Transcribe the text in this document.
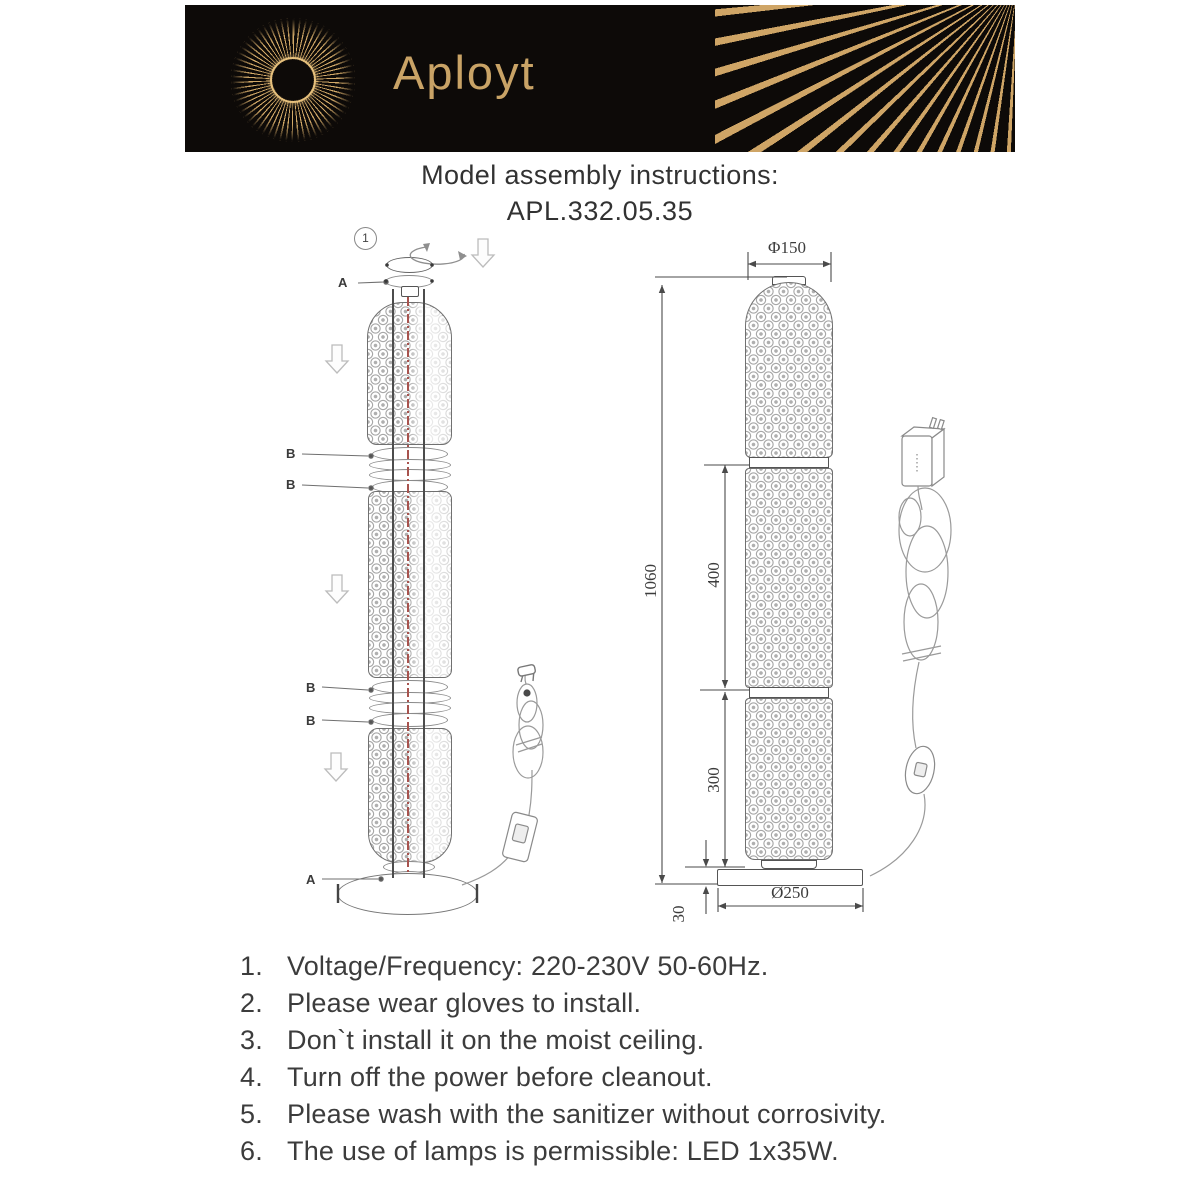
Aployt
Model assembly instructions:
APL.332.05.35
1
A
B
B
B
B
A
Φ150
1060	400
300
Ø250
30
1. Voltage/Frequency: 220-230V 50-60Hz.
2. Please wear gloves to install.
3. Don`t install it on the moist ceiling.
4. Turn off the power before cleanout.
5. Please wash with the sanitizer without corrosivity.
6. The use of lamps is permissible: LED 1x35W.
